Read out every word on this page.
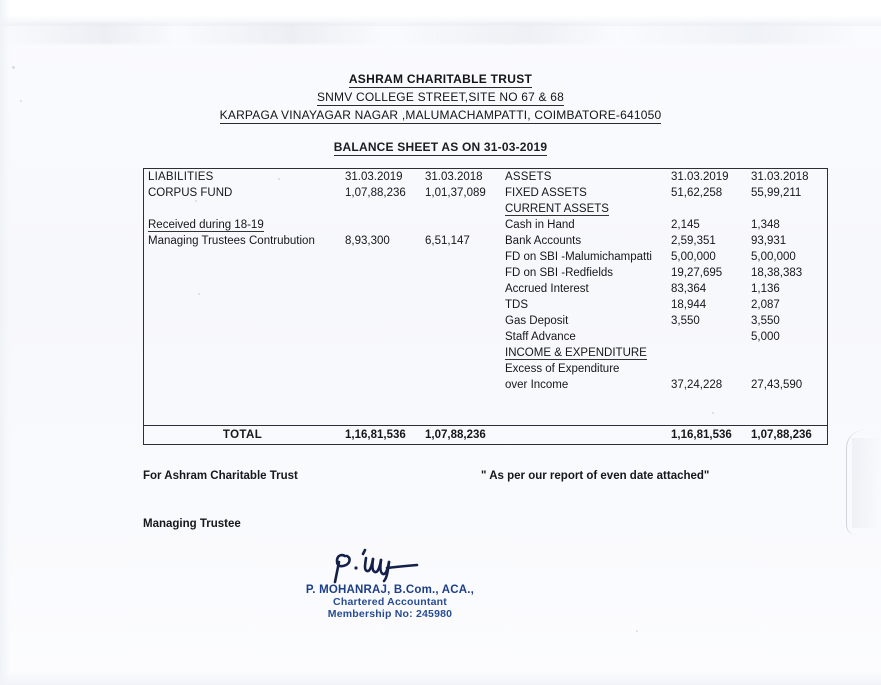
ASHRAM CHARITABLE TRUST
SNMV COLLEGE STREET,SITE NO 67 & 68
KARPAGA VINAYAGAR NAGAR ,MALUMACHAMPATTI, COIMBATORE-641050
BALANCE SHEET AS ON 31-03-2019
LIABILITIES	31.03.2019	31.03.2018	ASSETS	31.03.2019	31.03.2018
CORPUS FUND	1,07,88,236	1,01,37,089	FIXED ASSETS	51,62,258	55,99,211
			CURRENT ASSETS		
Received during 18-19			Cash in Hand	2,145	1,348
Managing Trustees Contrubution	8,93,300	6,51,147	Bank Accounts	2,59,351	93,931
			FD on SBI -Malumichampatti	5,00,000	5,00,000
			FD on SBI -Redfields	19,27,695	18,38,383
			Accrued Interest	83,364	1,136
			TDS	18,944	2,087
			Gas Deposit	3,550	3,550
			Staff Advance		5,000
			INCOME & EXPENDITURE		
			Excess of Expenditure		
			over Income	37,24,228	27,43,590

TOTAL	1,16,81,536	1,07,88,236		1,16,81,536	1,07,88,236
For Ashram Charitable Trust	" As per our report of even date attached"
Managing Trustee
P. MOHANRAJ, B.Com., ACA.,
Chartered Accountant
Membership No: 245980
